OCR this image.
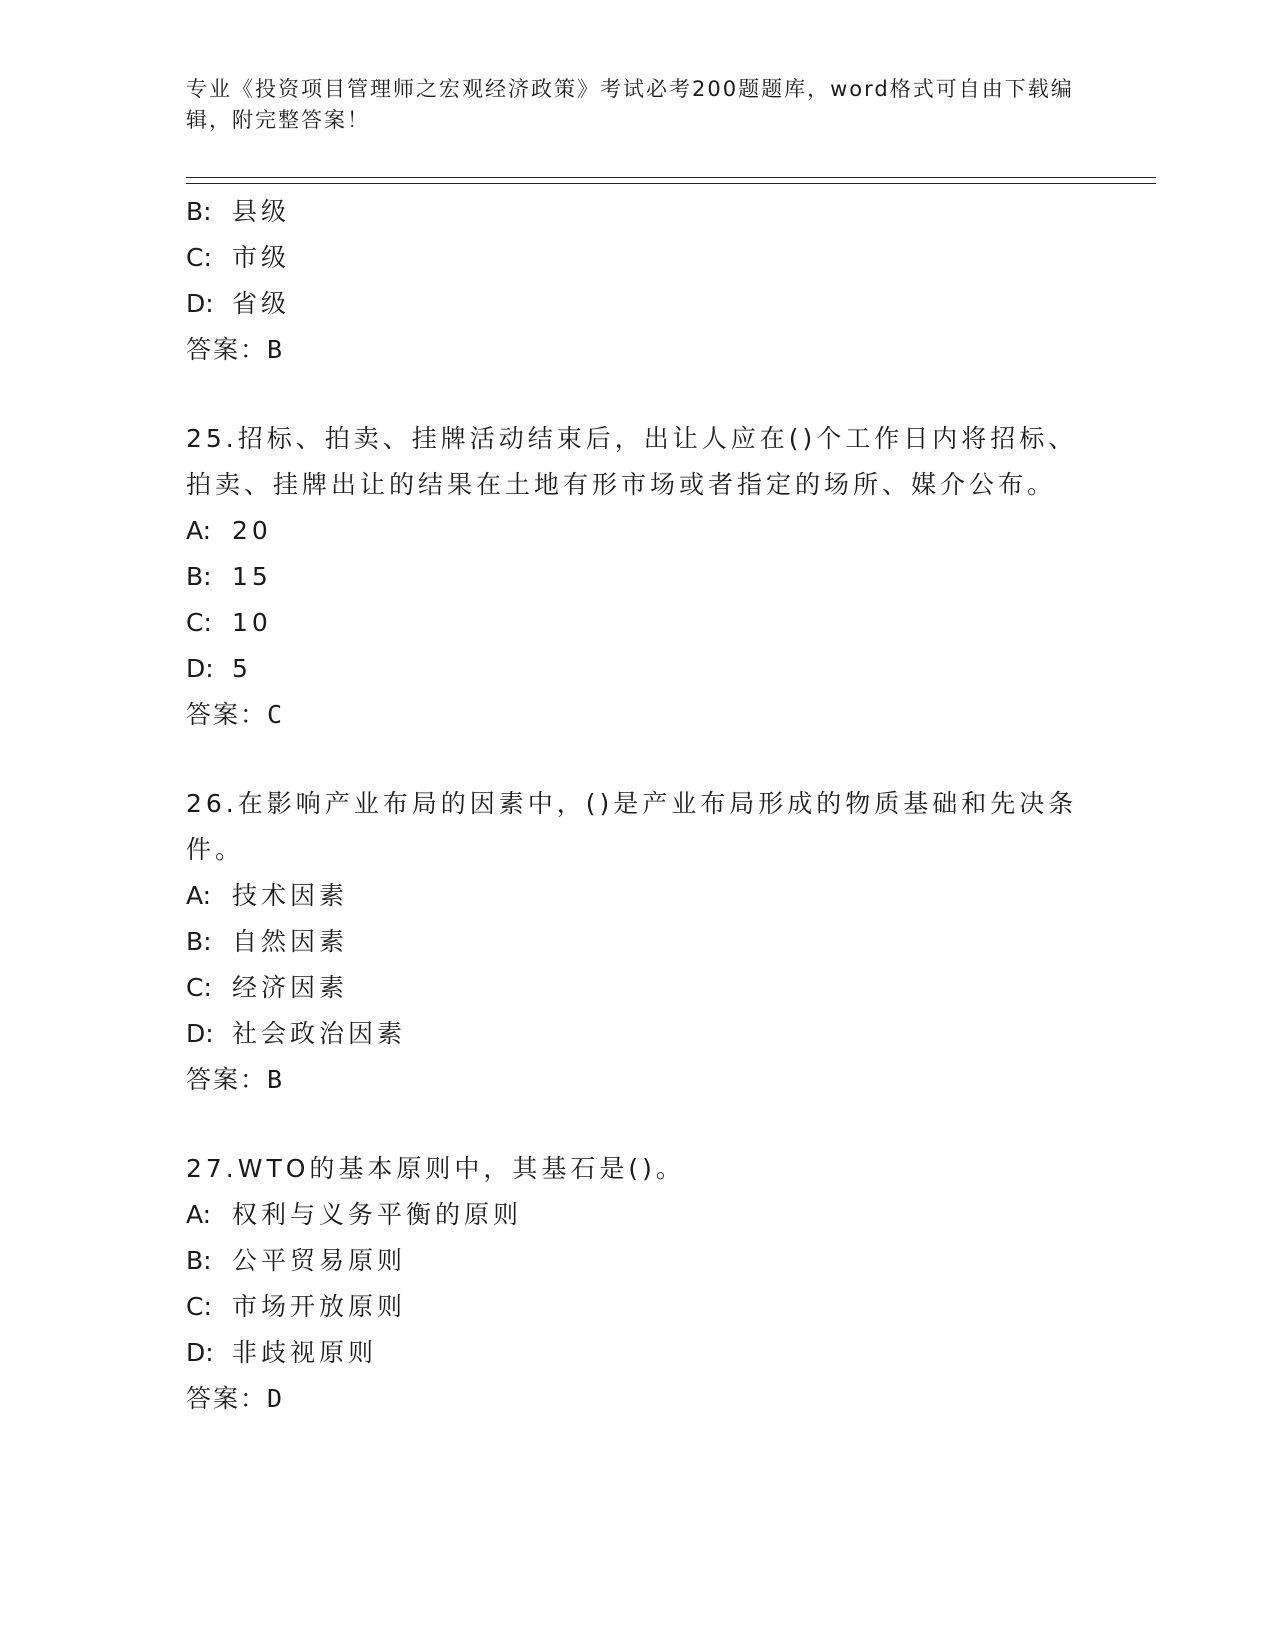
专业《投资项目管理师之宏观经济政策》考试必考200题题库，word格式可自由下载编辑，附完整答案！
B: 县级
C: 市级
D: 省级
答案：B
25.招标、拍卖、挂牌活动结束后，出让人应在()个工作日内将招标、拍卖、挂牌出让的结果在土地有形市场或者指定的场所、媒介公布。
A: 20
B: 15
C: 10
D: 5
答案：C
26.在影响产业布局的因素中，()是产业布局形成的物质基础和先决条件。
A: 技术因素
B: 自然因素
C: 经济因素
D: 社会政治因素
答案：B
27.WTO的基本原则中，其基石是()。
A: 权利与义务平衡的原则
B: 公平贸易原则
C: 市场开放原则
D: 非歧视原则
答案：D
